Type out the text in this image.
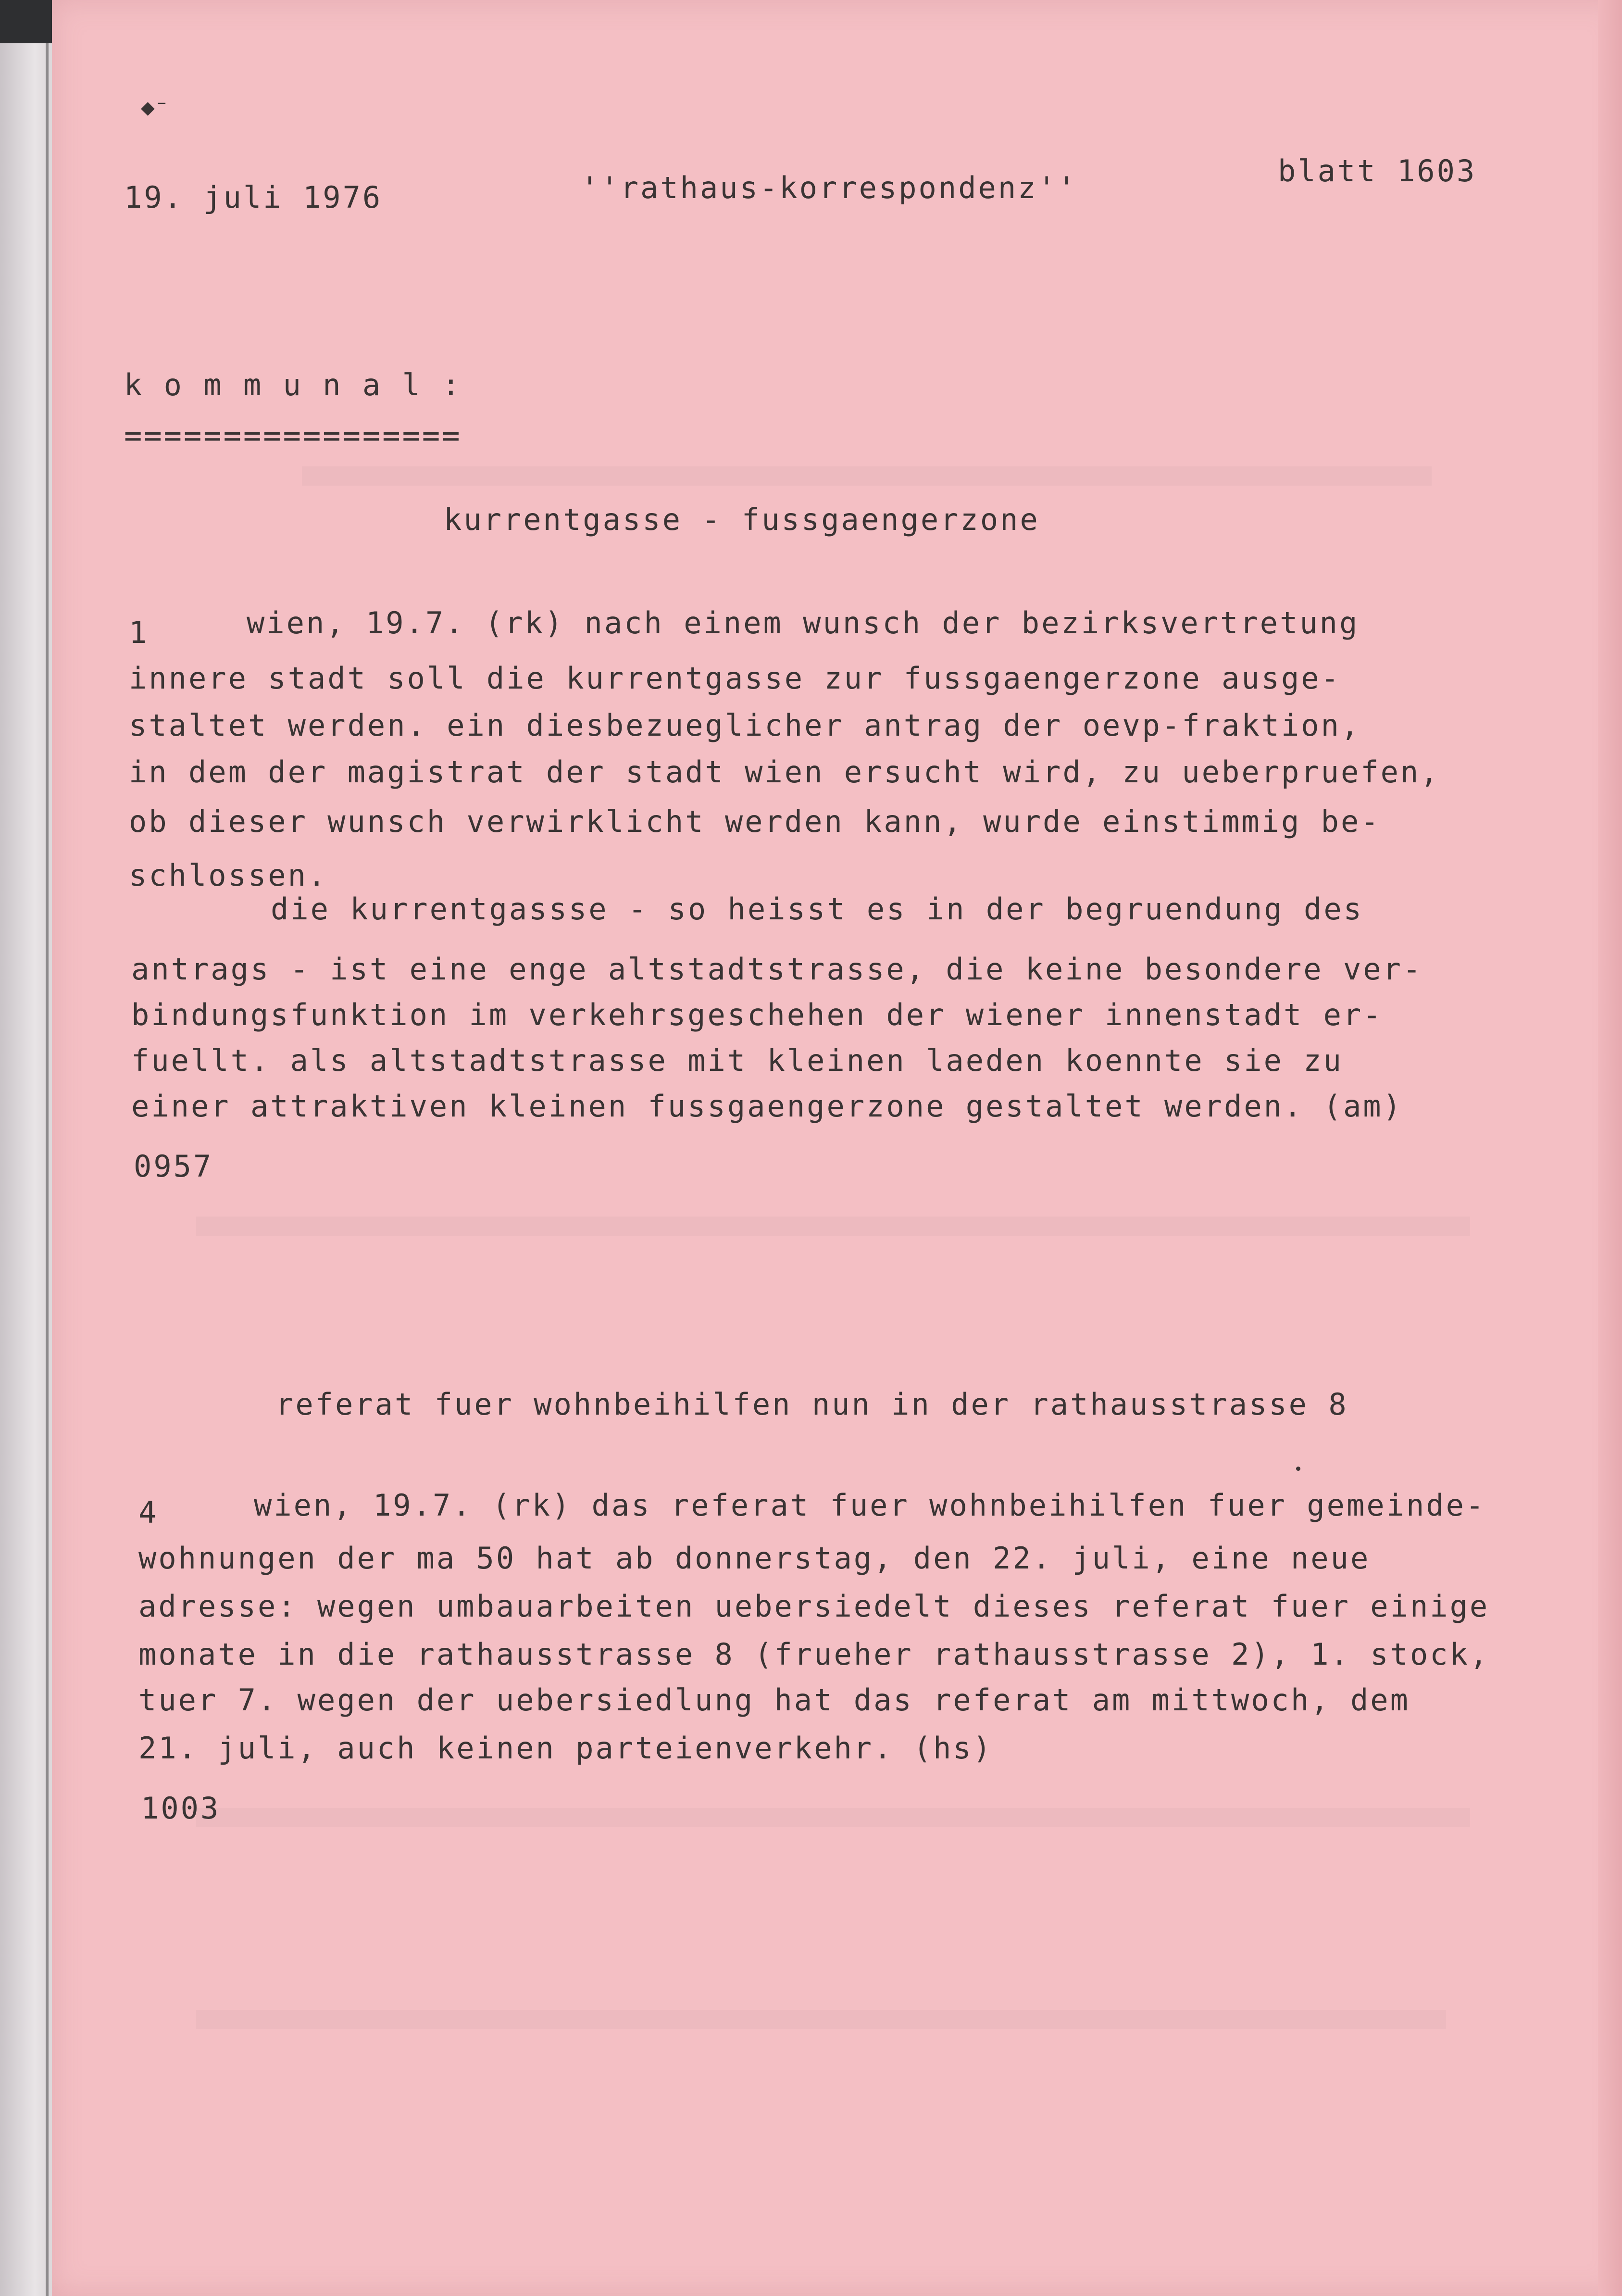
◆⁻
19. juli 1976	''rathaus-korrespondenz''	blatt 1603
k o m m u n a l :
=================
kurrentgasse - fussgaengerzone
1	wien, 19.7. (rk) nach einem wunsch der bezirksvertretung
innere stadt soll die kurrentgasse zur fussgaengerzone ausge-
staltet werden. ein diesbezueglicher antrag der oevp-fraktion,
in dem der magistrat der stadt wien ersucht wird, zu ueberpruefen,
ob dieser wunsch verwirklicht werden kann, wurde einstimmig be-
schlossen.
die kurrentgassse - so heisst es in der begruendung des
antrags - ist eine enge altstadtstrasse, die keine besondere ver-
bindungsfunktion im verkehrsgeschehen der wiener innenstadt er-
fuellt. als altstadtstrasse mit kleinen laeden koennte sie zu
einer attraktiven kleinen fussgaengerzone gestaltet werden. (am)
0957
referat fuer wohnbeihilfen nun in der rathausstrasse 8
4	wien, 19.7. (rk) das referat fuer wohnbeihilfen fuer gemeinde-
wohnungen der ma 50 hat ab donnerstag, den 22. juli, eine neue
adresse: wegen umbauarbeiten uebersiedelt dieses referat fuer einige
monate in die rathausstrasse 8 (frueher rathausstrasse 2), 1. stock,
tuer 7. wegen der uebersiedlung hat das referat am mittwoch, dem
21. juli, auch keinen parteienverkehr. (hs)
1003
